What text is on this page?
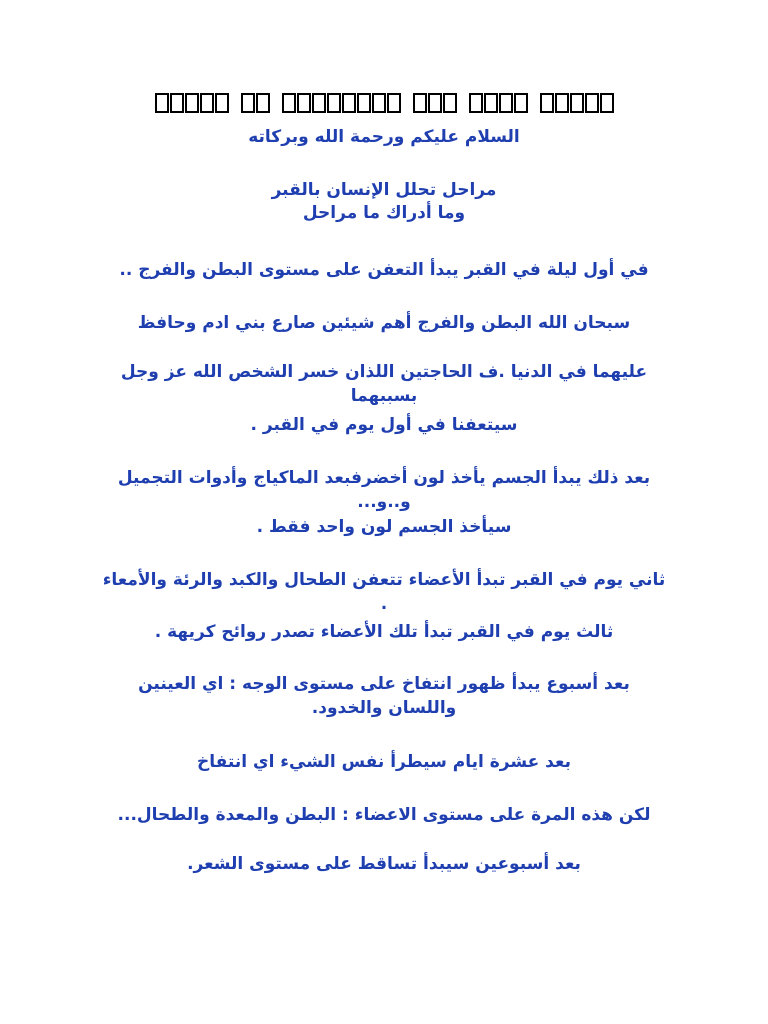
السلام عليكم ورحمة الله وبركاته
مراحل تحلل الإنسان بالقبر
وما أدراك ما مراحل
في أول ليلة في القبر يبدأ التعفن على مستوى البطن والفرج ..
سبحان الله البطن والفرج أهم شيئين صارع بني ادم وحافظ
عليهما في الدنيا .ف الحاجتين اللذان خسر الشخص الله عز وجل بسببهما
سيتعفنا في أول يوم في القبر .
بعد ذلك يبدأ الجسم يأخذ لون أخضرفبعد الماكياج وأدوات التجميل و..و...
سيأخذ الجسم لون واحد فقط .
ثاني يوم في القبر تبدأ الأعضاء تتعفن الطحال والكبد والرئة والأمعاء .
ثالث يوم في القبر تبدأ تلك الأعضاء تصدر روائح كريهة .
بعد أسبوع يبدأ ظهور انتفاخ على مستوى الوجه : اي العينين واللسان والخدود.
بعد عشرة ايام سيطرأ نفس الشيء اي انتفاخ
لكن هذه المرة على مستوى الاعضاء : البطن والمعدة والطحال...
بعد أسبوعين سيبدأ تساقط على مستوى الشعر.
